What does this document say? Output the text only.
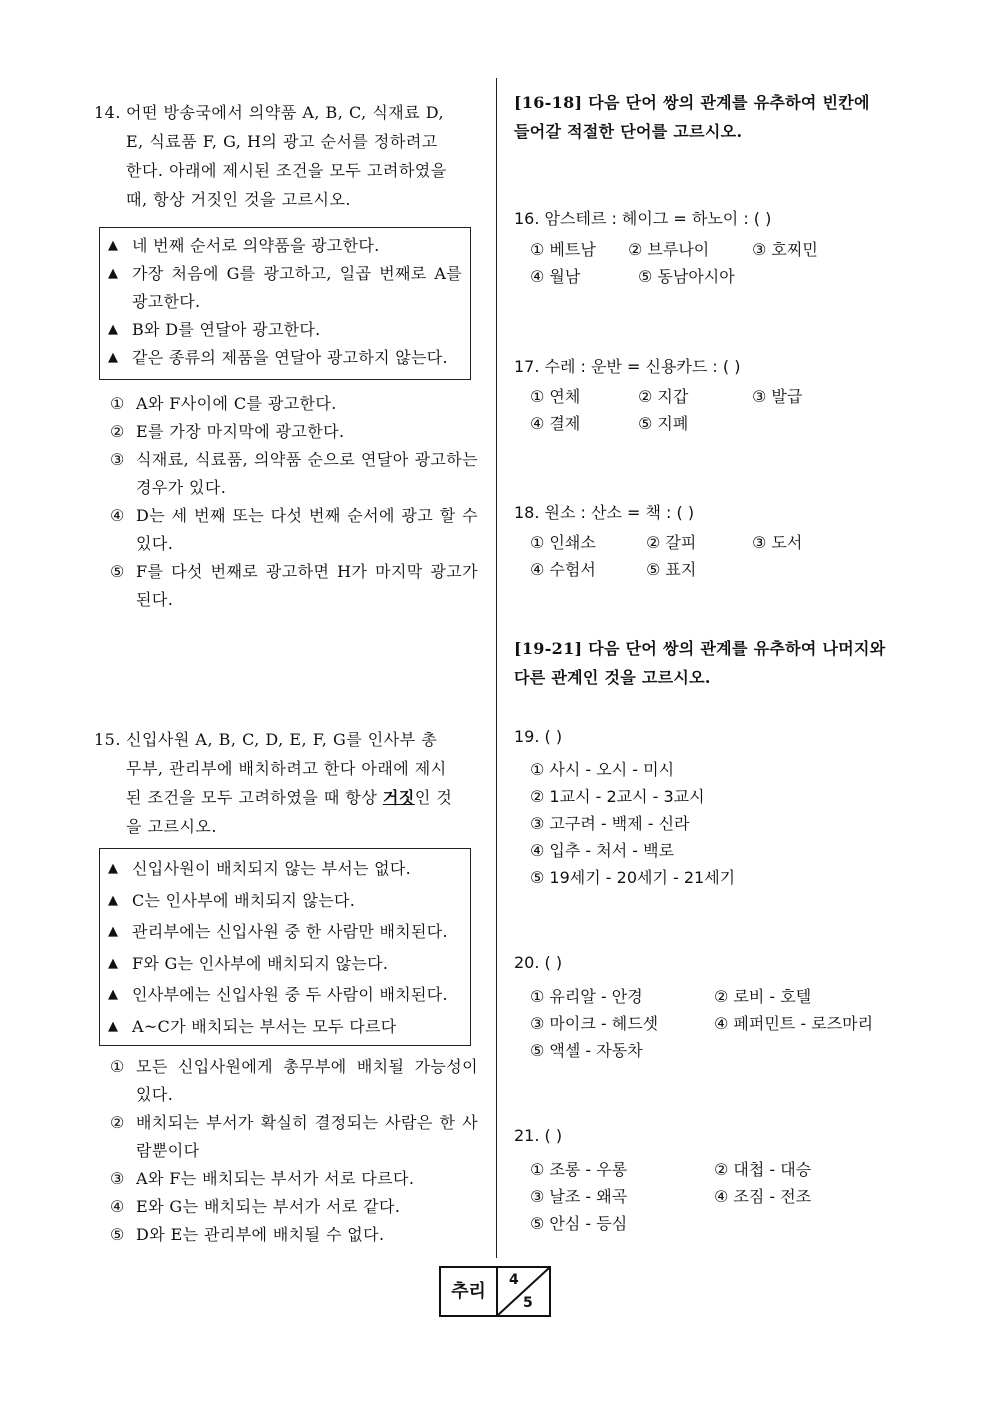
14. 어떤 방송국에서 의약품 A, B, C, 식재료 D,
E, 식료품 F, G, H의 광고 순서를 정하려고
한다. 아래에 제시된 조건을 모두 고려하였을
때, 항상 거짓인 것을 고르시오.
▲ 네 번째 순서로 의약품을 광고한다.
▲ 가장 처음에 G를 광고하고, 일곱 번째로 A를 광고한다.
▲ B와 D를 연달아 광고한다.
▲ 같은 종류의 제품을 연달아 광고하지 않는다.
① A와 F사이에 C를 광고한다.
② E를 가장 마지막에 광고한다.
③ 식재료, 식료품, 의약품 순으로 연달아 광고하는 경우가 있다.
④ D는 세 번째 또는 다섯 번째 순서에 광고 할 수 있다.
⑤ F를 다섯 번째로 광고하면 H가 마지막 광고가 된다.
15. 신입사원 A, B, C, D, E, F, G를 인사부 총
무부, 관리부에 배치하려고 한다 아래에 제시
된 조건을 모두 고려하였을 때 항상 거짓인 것
을 고르시오.
▲ 신입사원이 배치되지 않는 부서는 없다.
▲ C는 인사부에 배치되지 않는다.
▲ 관리부에는 신입사원 중 한 사람만 배치된다.
▲ F와 G는 인사부에 배치되지 않는다.
▲ 인사부에는 신입사원 중 두 사람이 배치된다.
▲ A~C가 배치되는 부서는 모두 다르다
① 모든 신입사원에게 총무부에 배치될 가능성이 있다.
② 배치되는 부서가 확실히 결정되는 사람은 한 사람뿐이다
③ A와 F는 배치되는 부서가 서로 다르다.
④ E와 G는 배치되는 부서가 서로 같다.
⑤ D와 E는 관리부에 배치될 수 없다.
[16-18] 다음 단어 쌍의 관계를 유추하여 빈칸에
들어갈 적절한 단어를 고르시오.
16. 암스테르 : 헤이그 = 하노이 : ( )
① 베트남	② 브루나이	③ 호찌민
④ 월남	⑤ 동남아시아
17. 수레 : 운반 = 신용카드 : ( )
① 연체	② 지갑	③ 발급
④ 결제	⑤ 지폐
18. 원소 : 산소 = 책 : ( )
① 인쇄소	② 갈피	③ 도서
④ 수험서	⑤ 표지
[19-21] 다음 단어 쌍의 관계를 유추하여 나머지와
다른 관계인 것을 고르시오.
19. ( )
① 사시 - 오시 - 미시
② 1교시 - 2교시 - 3교시
③ 고구려 - 백제 - 신라
④ 입추 - 처서 - 백로
⑤ 19세기 - 20세기 - 21세기
20. ( )
① 유리알 - 안경	② 로비 - 호텔
③ 마이크 - 헤드셋	④ 페퍼민트 - 로즈마리
⑤ 액셀 - 자동차
21. ( )
① 조롱 - 우롱	② 대첩 - 대승
③ 날조 - 왜곡	④ 조짐 - 전조
⑤ 안심 - 등심
추리
4
5
